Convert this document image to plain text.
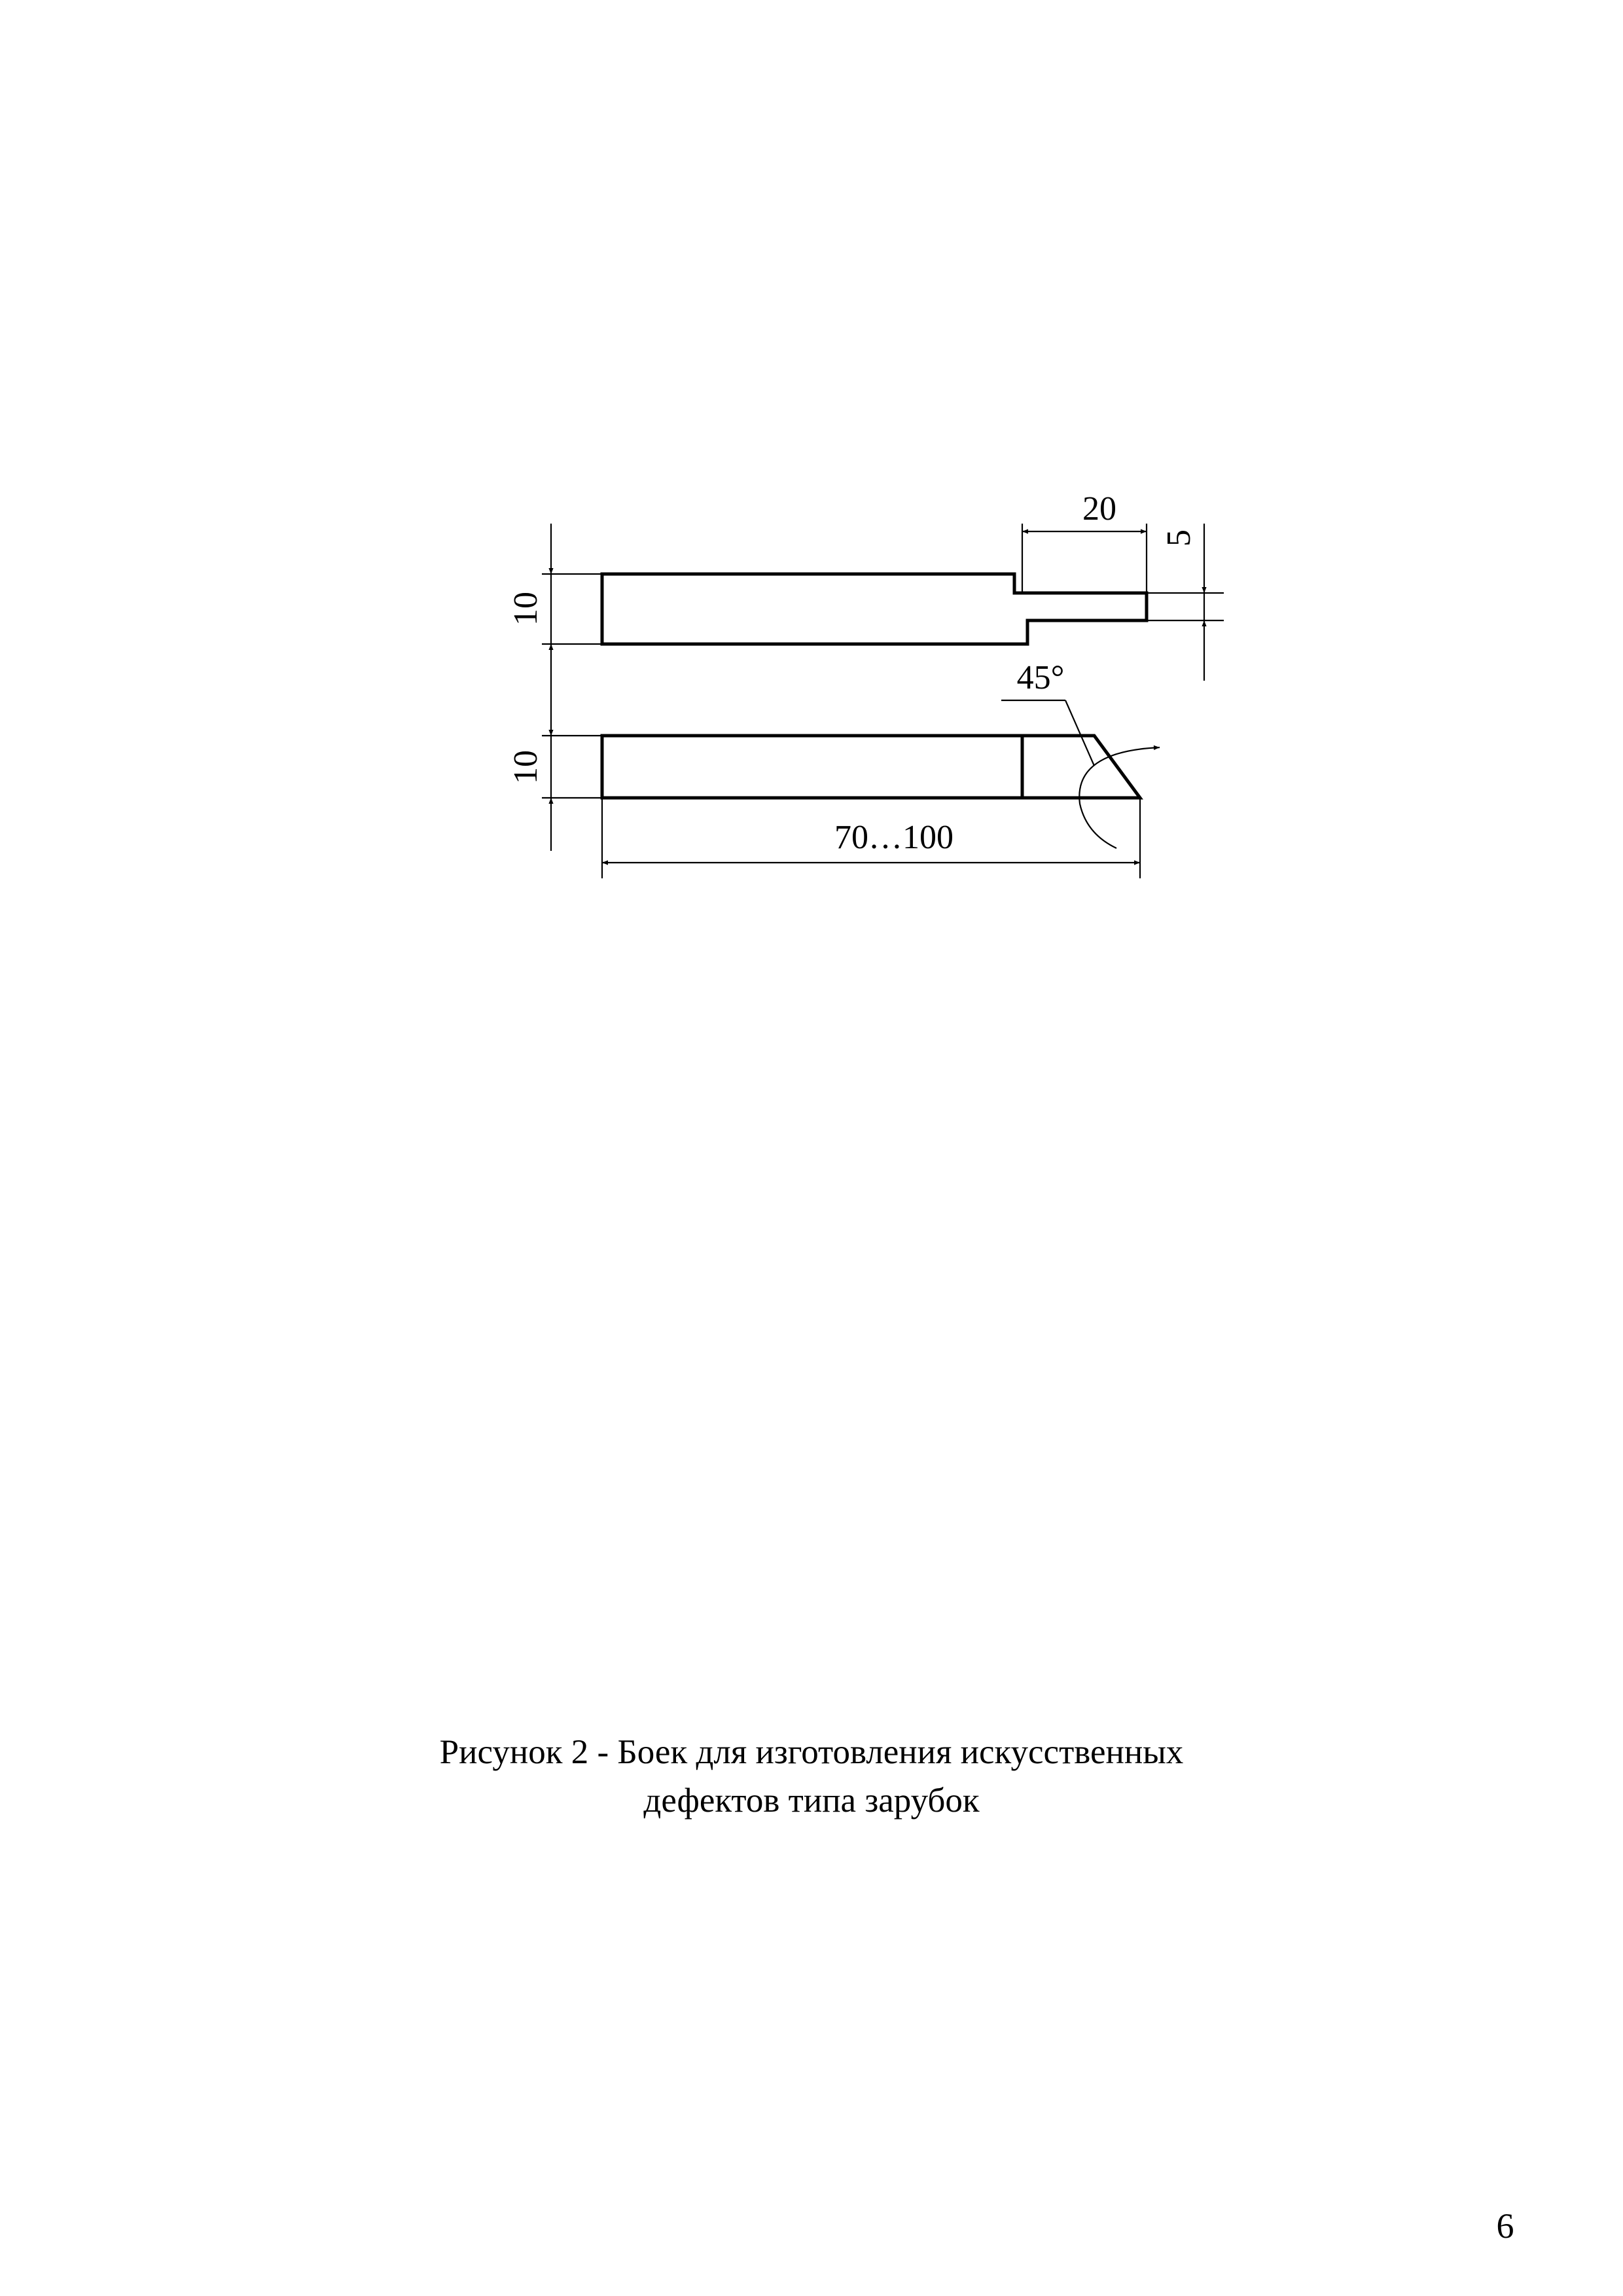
20
5
10
10
45°
70…100
Рисунок 2 - Боек для изготовления искусственных
дефектов типа зарубок
6
